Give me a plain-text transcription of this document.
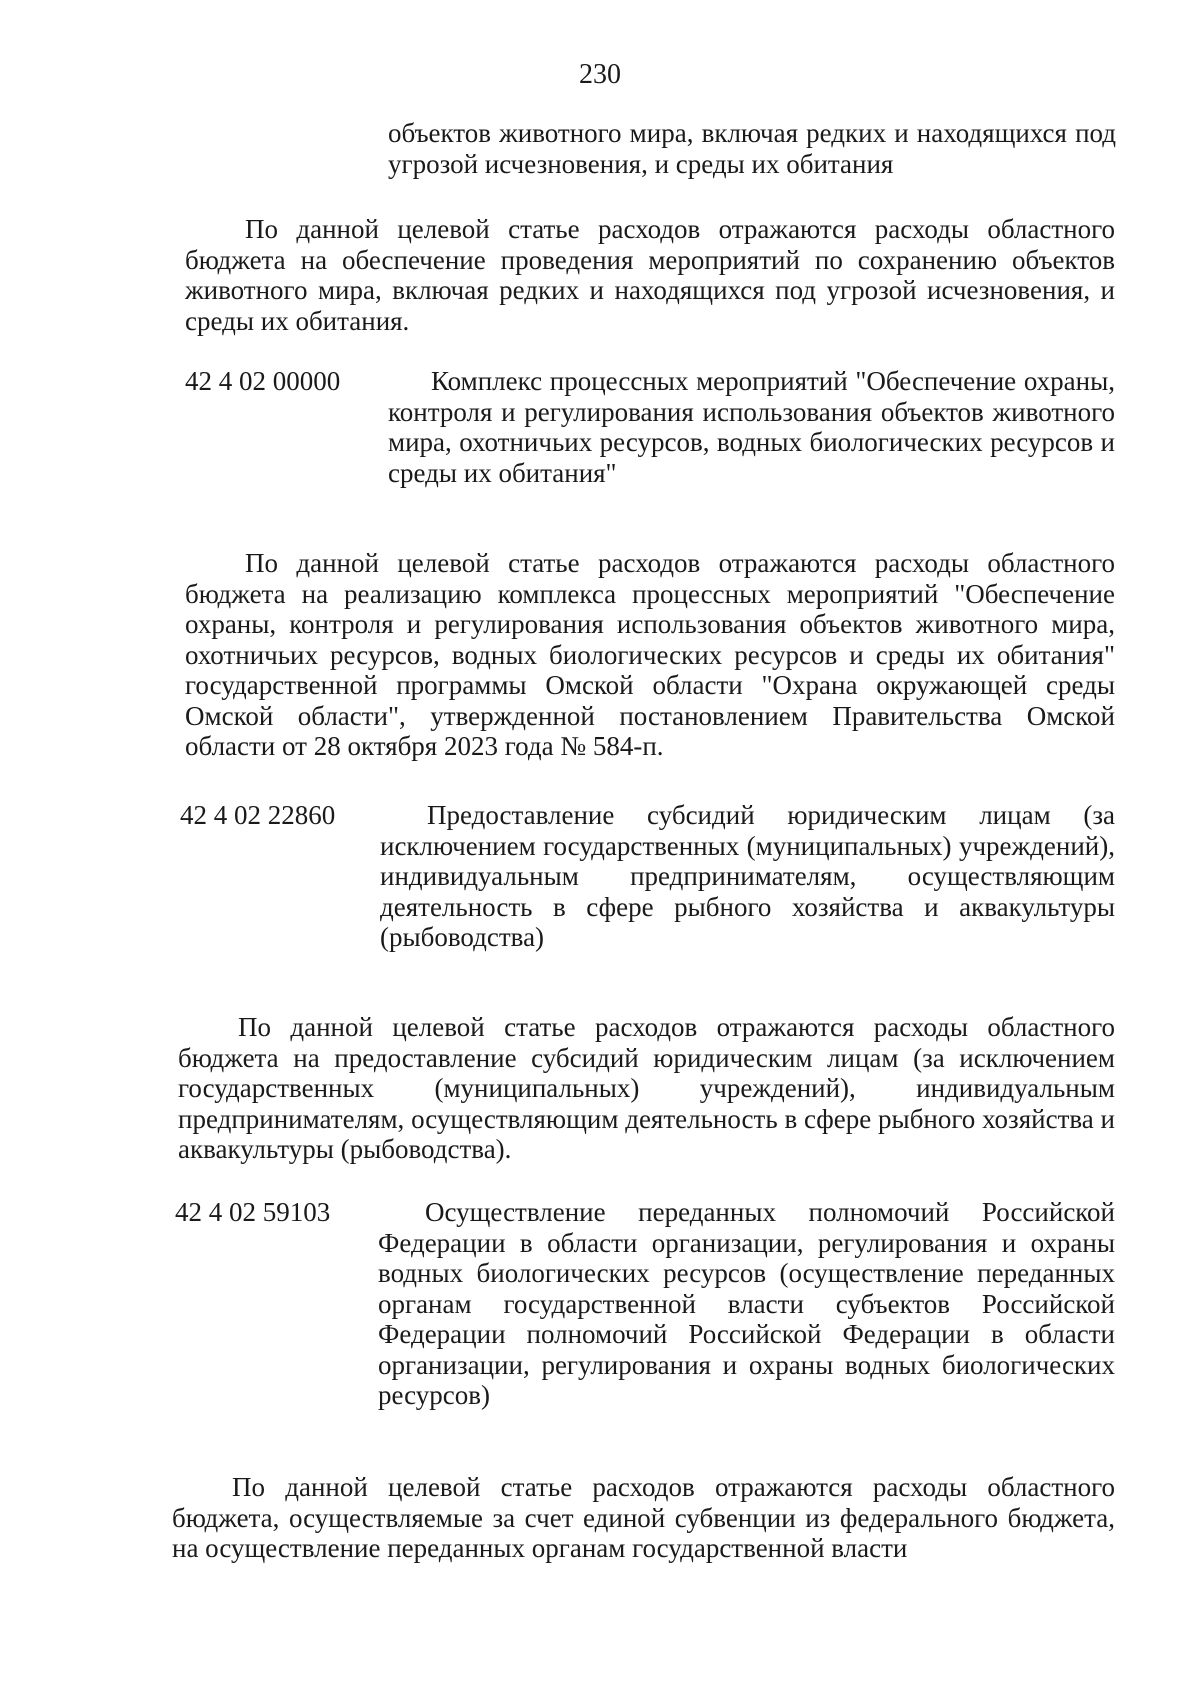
230
объектов животного мира, включая редких и находящихся под угрозой исчезновения, и среды их обитания
По данной целевой статье расходов отражаются расходы областного бюджета на обеспечение проведения мероприятий по сохранению объектов животного мира, включая редких и находящихся под угрозой исчезновения, и среды их обитания.
42 4 02 00000	Комплекс процессных мероприятий "Обеспечение охраны, контроля и регулирования использования объектов животного мира, охотничьих ресурсов, водных биологических ресурсов и среды их обитания"
По данной целевой статье расходов отражаются расходы областного бюджета на реализацию комплекса процессных мероприятий "Обеспечение охраны, контроля и регулирования использования объектов животного мира, охотничьих ресурсов, водных биологических ресурсов и среды их обитания" государственной программы Омской области "Охрана окружающей среды Омской области", утвержденной постановлением Правительства Омской области от 28 октября 2023 года № 584-п.
42 4 02 22860	Предоставление субсидий юридическим лицам (за исключением государственных (муниципальных) учреждений), индивидуальным предпринимателям, осуществляющим деятельность в сфере рыбного хозяйства и аквакультуры (рыбоводства)
По данной целевой статье расходов отражаются расходы областного бюджета на предоставление субсидий юридическим лицам (за исключением государственных (муниципальных) учреждений), индивидуальным предпринимателям, осуществляющим деятельность в сфере рыбного хозяйства и аквакультуры (рыбоводства).
42 4 02 59103	Осуществление переданных полномочий Российской Федерации в области организации, регулирования и охраны водных биологических ресурсов (осуществление переданных органам государственной власти субъектов Российской Федерации полномочий Российской Федерации в области организации, регулирования и охраны водных биологических ресурсов)
По данной целевой статье расходов отражаются расходы областного бюджета, осуществляемые за счет единой субвенции из федерального бюджета, на осуществление переданных органам государственной власти
